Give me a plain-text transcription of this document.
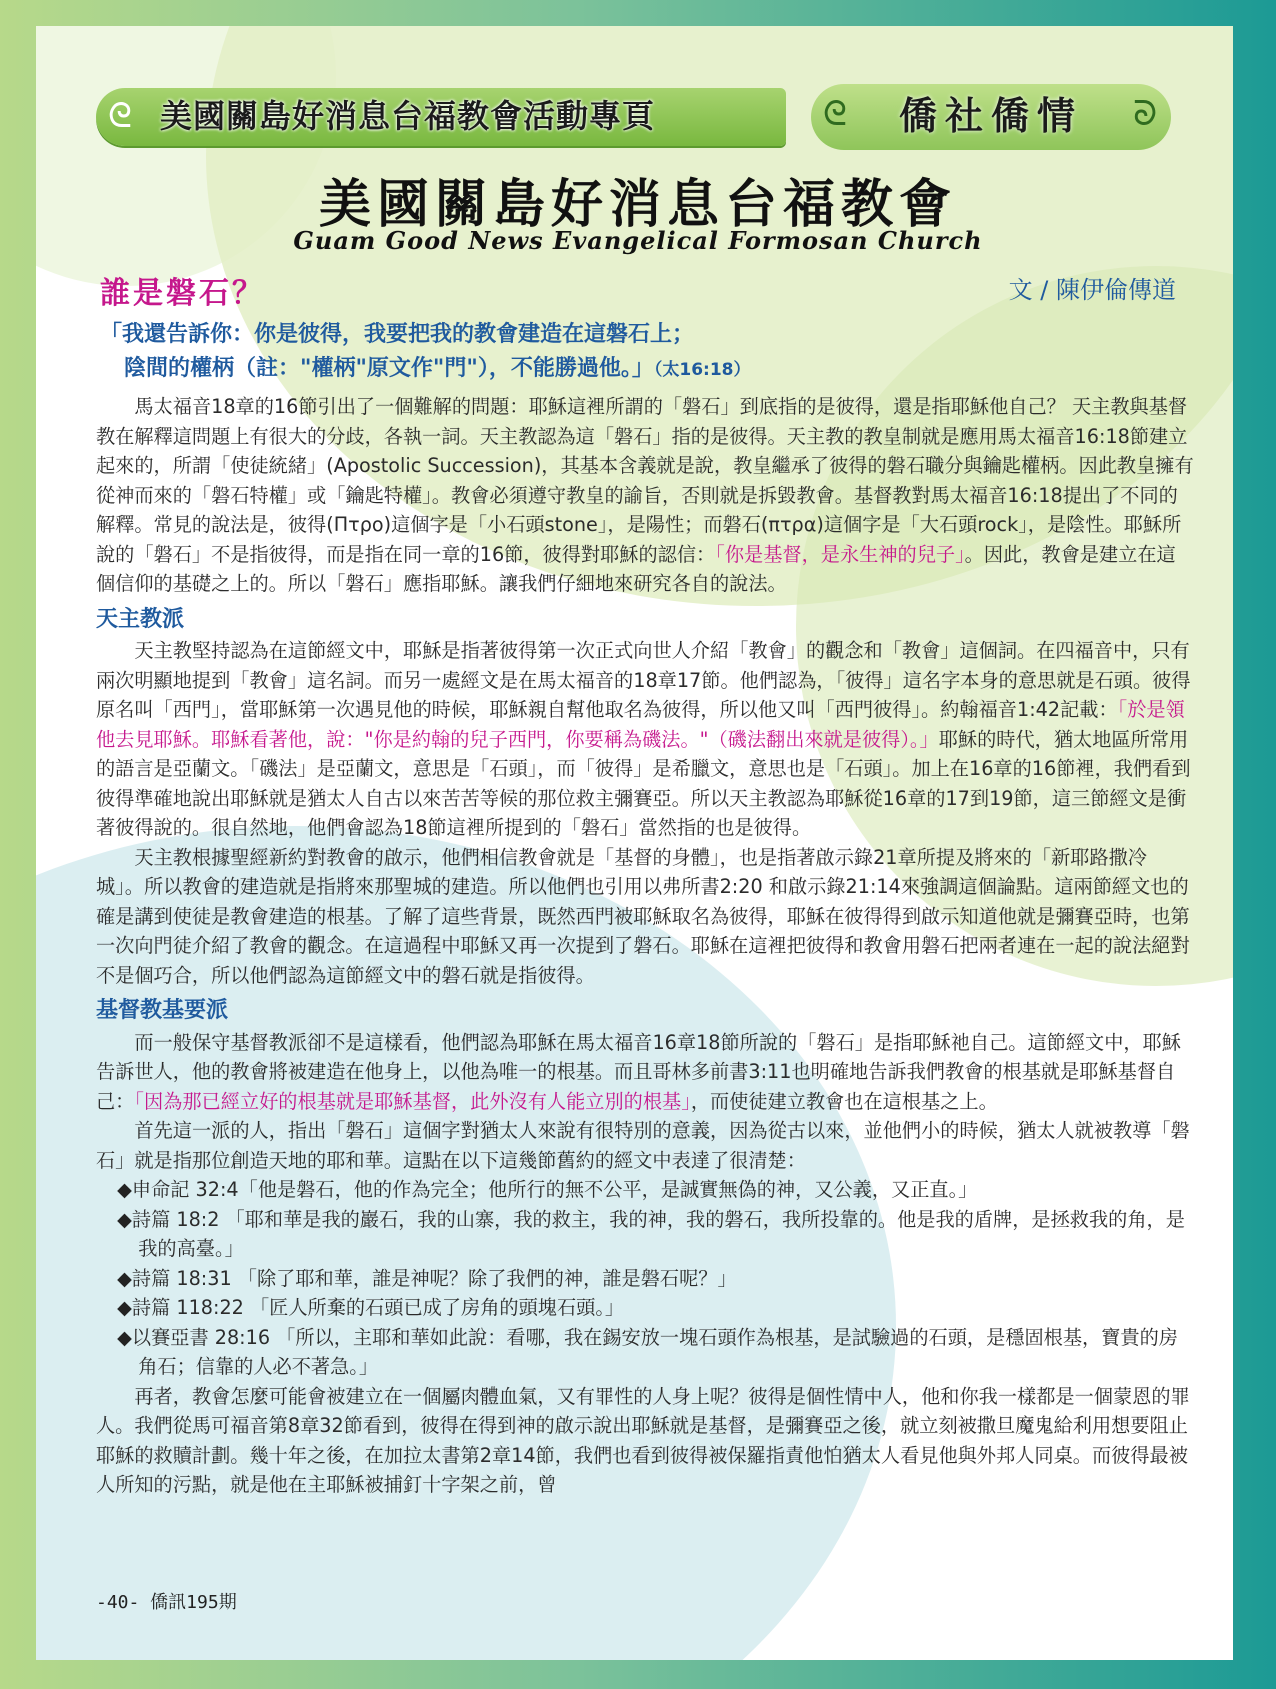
ᘓ 美國關島好消息台福教會活動專頁	ᘓ	僑社僑情	ᘐ
美國關島好消息台福教會
Guam Good News Evangelical Formosan Church
誰是磐石？	文 / 陳伊倫傳道
「我還告訴你：你是彼得，我要把我的教會建造在這磐石上；
陰間的權柄（註："權柄"原文作"門"），不能勝過他。」（太16:18）

馬太福音18章的16節引出了一個難解的問題：耶穌這裡所謂的「磐石」到底指的是彼得，還是指耶穌他自己？ 天主教與基督教在解釋這問題上有很大的分歧，各執一詞。天主教認為這「磐石」指的是彼得。天主教的教皇制就是應用馬太福音16:18節建立起來的，所謂「使徒統緒」(Apostolic Succession)，其基本含義就是說，教皇繼承了彼得的磐石職分與鑰匙權柄。因此教皇擁有從神而來的「磐石特權」或「鑰匙特權」。教會必須遵守教皇的諭旨，否則就是拆毀教會。基督教對馬太福音16:18提出了不同的解釋。常見的說法是，彼得(Πτρο)這個字是「小石頭stone」，是陽性；而磐石(πτρα)這個字是「大石頭rock」，是陰性。耶穌所說的「磐石」不是指彼得，而是指在同一章的16節，彼得對耶穌的認信：「你是基督，是永生神的兒子」。因此，教會是建立在這個信仰的基礎之上的。所以「磐石」應指耶穌。讓我們仔細地來研究各自的說法。

天主教派

天主教堅持認為在這節經文中，耶穌是指著彼得第一次正式向世人介紹「教會」的觀念和「教會」這個詞。在四福音中，只有兩次明顯地提到「教會」這名詞。而另一處經文是在馬太福音的18章17節。他們認為，「彼得」這名字本身的意思就是石頭。彼得原名叫「西門」，當耶穌第一次遇見他的時候，耶穌親自幫他取名為彼得，所以他又叫「西門彼得」。約翰福音1:42記載：「於是領他去見耶穌。耶穌看著他，說："你是約翰的兒子西門，你要稱為磯法。"（磯法翻出來就是彼得）。」耶穌的時代，猶太地區所常用的語言是亞蘭文。「磯法」是亞蘭文，意思是「石頭」，而「彼得」是希臘文，意思也是「石頭」。加上在16章的16節裡，我們看到彼得準確地說出耶穌就是猶太人自古以來苦苦等候的那位救主彌賽亞。所以天主教認為耶穌從16章的17到19節，這三節經文是衝著彼得說的。很自然地，他們會認為18節這裡所提到的「磐石」當然指的也是彼得。

天主教根據聖經新約對教會的啟示，他們相信教會就是「基督的身體」，也是指著啟示錄21章所提及將來的「新耶路撒冷城」。所以教會的建造就是指將來那聖城的建造。所以他們也引用以弗所書2:20 和啟示錄21:14來強調這個論點。這兩節經文也的確是講到使徒是教會建造的根基。了解了這些背景，既然西門被耶穌取名為彼得，耶穌在彼得得到啟示知道他就是彌賽亞時，也第一次向門徒介紹了教會的觀念。在這過程中耶穌又再一次提到了磐石。耶穌在這裡把彼得和教會用磐石把兩者連在一起的說法絕對不是個巧合，所以他們認為這節經文中的磐石就是指彼得。

基督教基要派

而一般保守基督教派卻不是這樣看，他們認為耶穌在馬太福音16章18節所說的「磐石」是指耶穌祂自己。這節經文中，耶穌告訴世人，他的教會將被建造在他身上，以他為唯一的根基。而且哥林多前書3:11也明確地告訴我們教會的根基就是耶穌基督自己：「因為那已經立好的根基就是耶穌基督，此外沒有人能立別的根基」，而使徒建立教會也在這根基之上。

首先這一派的人，指出「磐石」這個字對猶太人來說有很特別的意義，因為從古以來，並他們小的時候，猶太人就被教導「磐石」就是指那位創造天地的耶和華。這點在以下這幾節舊約的經文中表達了很清楚：

◆ 申命記 32:4「他是磐石，他的作為完全；他所行的無不公平，是誠實無偽的神，又公義，又正直。」
◆ 詩篇 18:2 「耶和華是我的巖石，我的山寨，我的救主，我的神，我的磐石，我所投靠的。他是我的盾牌，是拯救我的角，是我的高臺。」
◆ 詩篇 18:31 「除了耶和華，誰是神呢？除了我們的神，誰是磐石呢？」
◆ 詩篇 118:22 「匠人所棄的石頭已成了房角的頭塊石頭。」
◆ 以賽亞書 28:16 「所以，主耶和華如此說：看哪，我在錫安放一塊石頭作為根基，是試驗過的石頭，是穩固根基，寶貴的房角石；信靠的人必不著急。」

再者，教會怎麼可能會被建立在一個屬肉體血氣，又有罪性的人身上呢？彼得是個性情中人，他和你我一樣都是一個蒙恩的罪人。我們從馬可福音第8章32節看到，彼得在得到神的啟示說出耶穌就是基督，是彌賽亞之後，就立刻被撒旦魔鬼給利用想要阻止耶穌的救贖計劃。幾十年之後，在加拉太書第2章14節，我們也看到彼得被保羅指責他怕猶太人看見他與外邦人同桌。而彼得最被人所知的污點，就是他在主耶穌被捕釘十字架之前，曾

-40- 僑訊195期
